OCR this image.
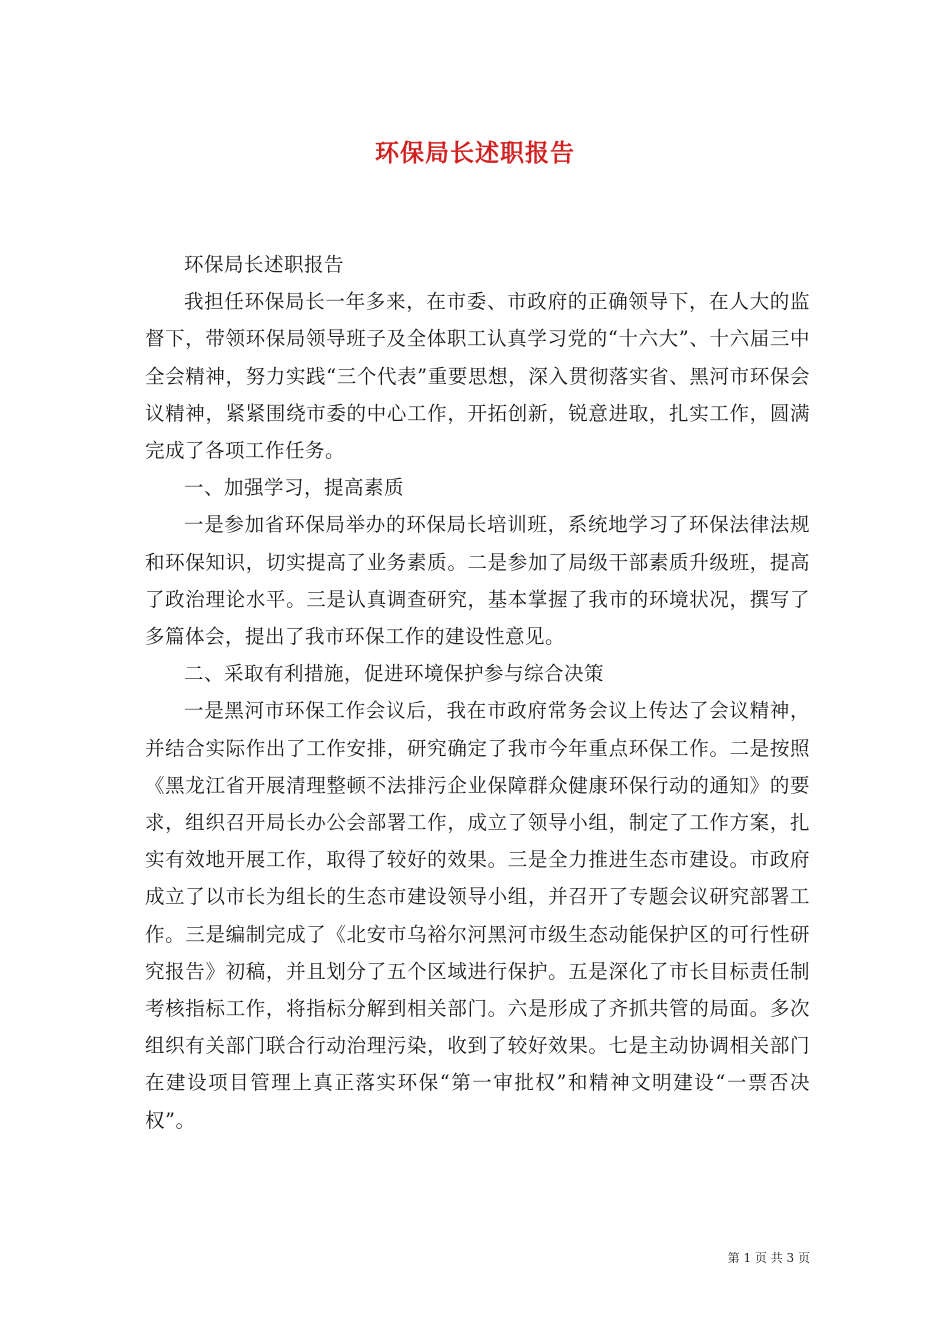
环保局长述职报告

环保局长述职报告

我担任环保局长一年多来，在市委、市政府的正确领导下，在人大的监督下，带领环保局领导班子及全体职工认真学习党的“十六大”、十六届三中全会精神，努力实践“三个代表”重要思想，深入贯彻落实省、黑河市环保会议精神，紧紧围绕市委的中心工作，开拓创新，锐意进取，扎实工作，圆满完成了各项工作任务。

一、加强学习，提高素质

一是参加省环保局举办的环保局长培训班，系统地学习了环保法律法规和环保知识，切实提高了业务素质。二是参加了局级干部素质升级班，提高了政治理论水平。三是认真调查研究，基本掌握了我市的环境状况，撰写了多篇体会，提出了我市环保工作的建设性意见。

二、采取有利措施，促进环境保护参与综合决策

一是黑河市环保工作会议后，我在市政府常务会议上传达了会议精神，并结合实际作出了工作安排，研究确定了我市今年重点环保工作。二是按照《黑龙江省开展清理整顿不法排污企业保障群众健康环保行动的通知》的要求，组织召开局长办公会部署工作，成立了领导小组，制定了工作方案，扎实有效地开展工作，取得了较好的效果。三是全力推进生态市建设。市政府成立了以市长为组长的生态市建设领导小组，并召开了专题会议研究部署工作。三是编制完成了《北安市乌裕尔河黑河市级生态动能保护区的可行性研究报告》初稿，并且划分了五个区域进行保护。五是深化了市长目标责任制考核指标工作，将指标分解到相关部门。六是形成了齐抓共管的局面。多次组织有关部门联合行动治理污染，收到了较好效果。七是主动协调相关部门在建设项目管理上真正落实环保“第一审批权”和精神文明建设“一票否决权”。

第 1 页 共 3 页
